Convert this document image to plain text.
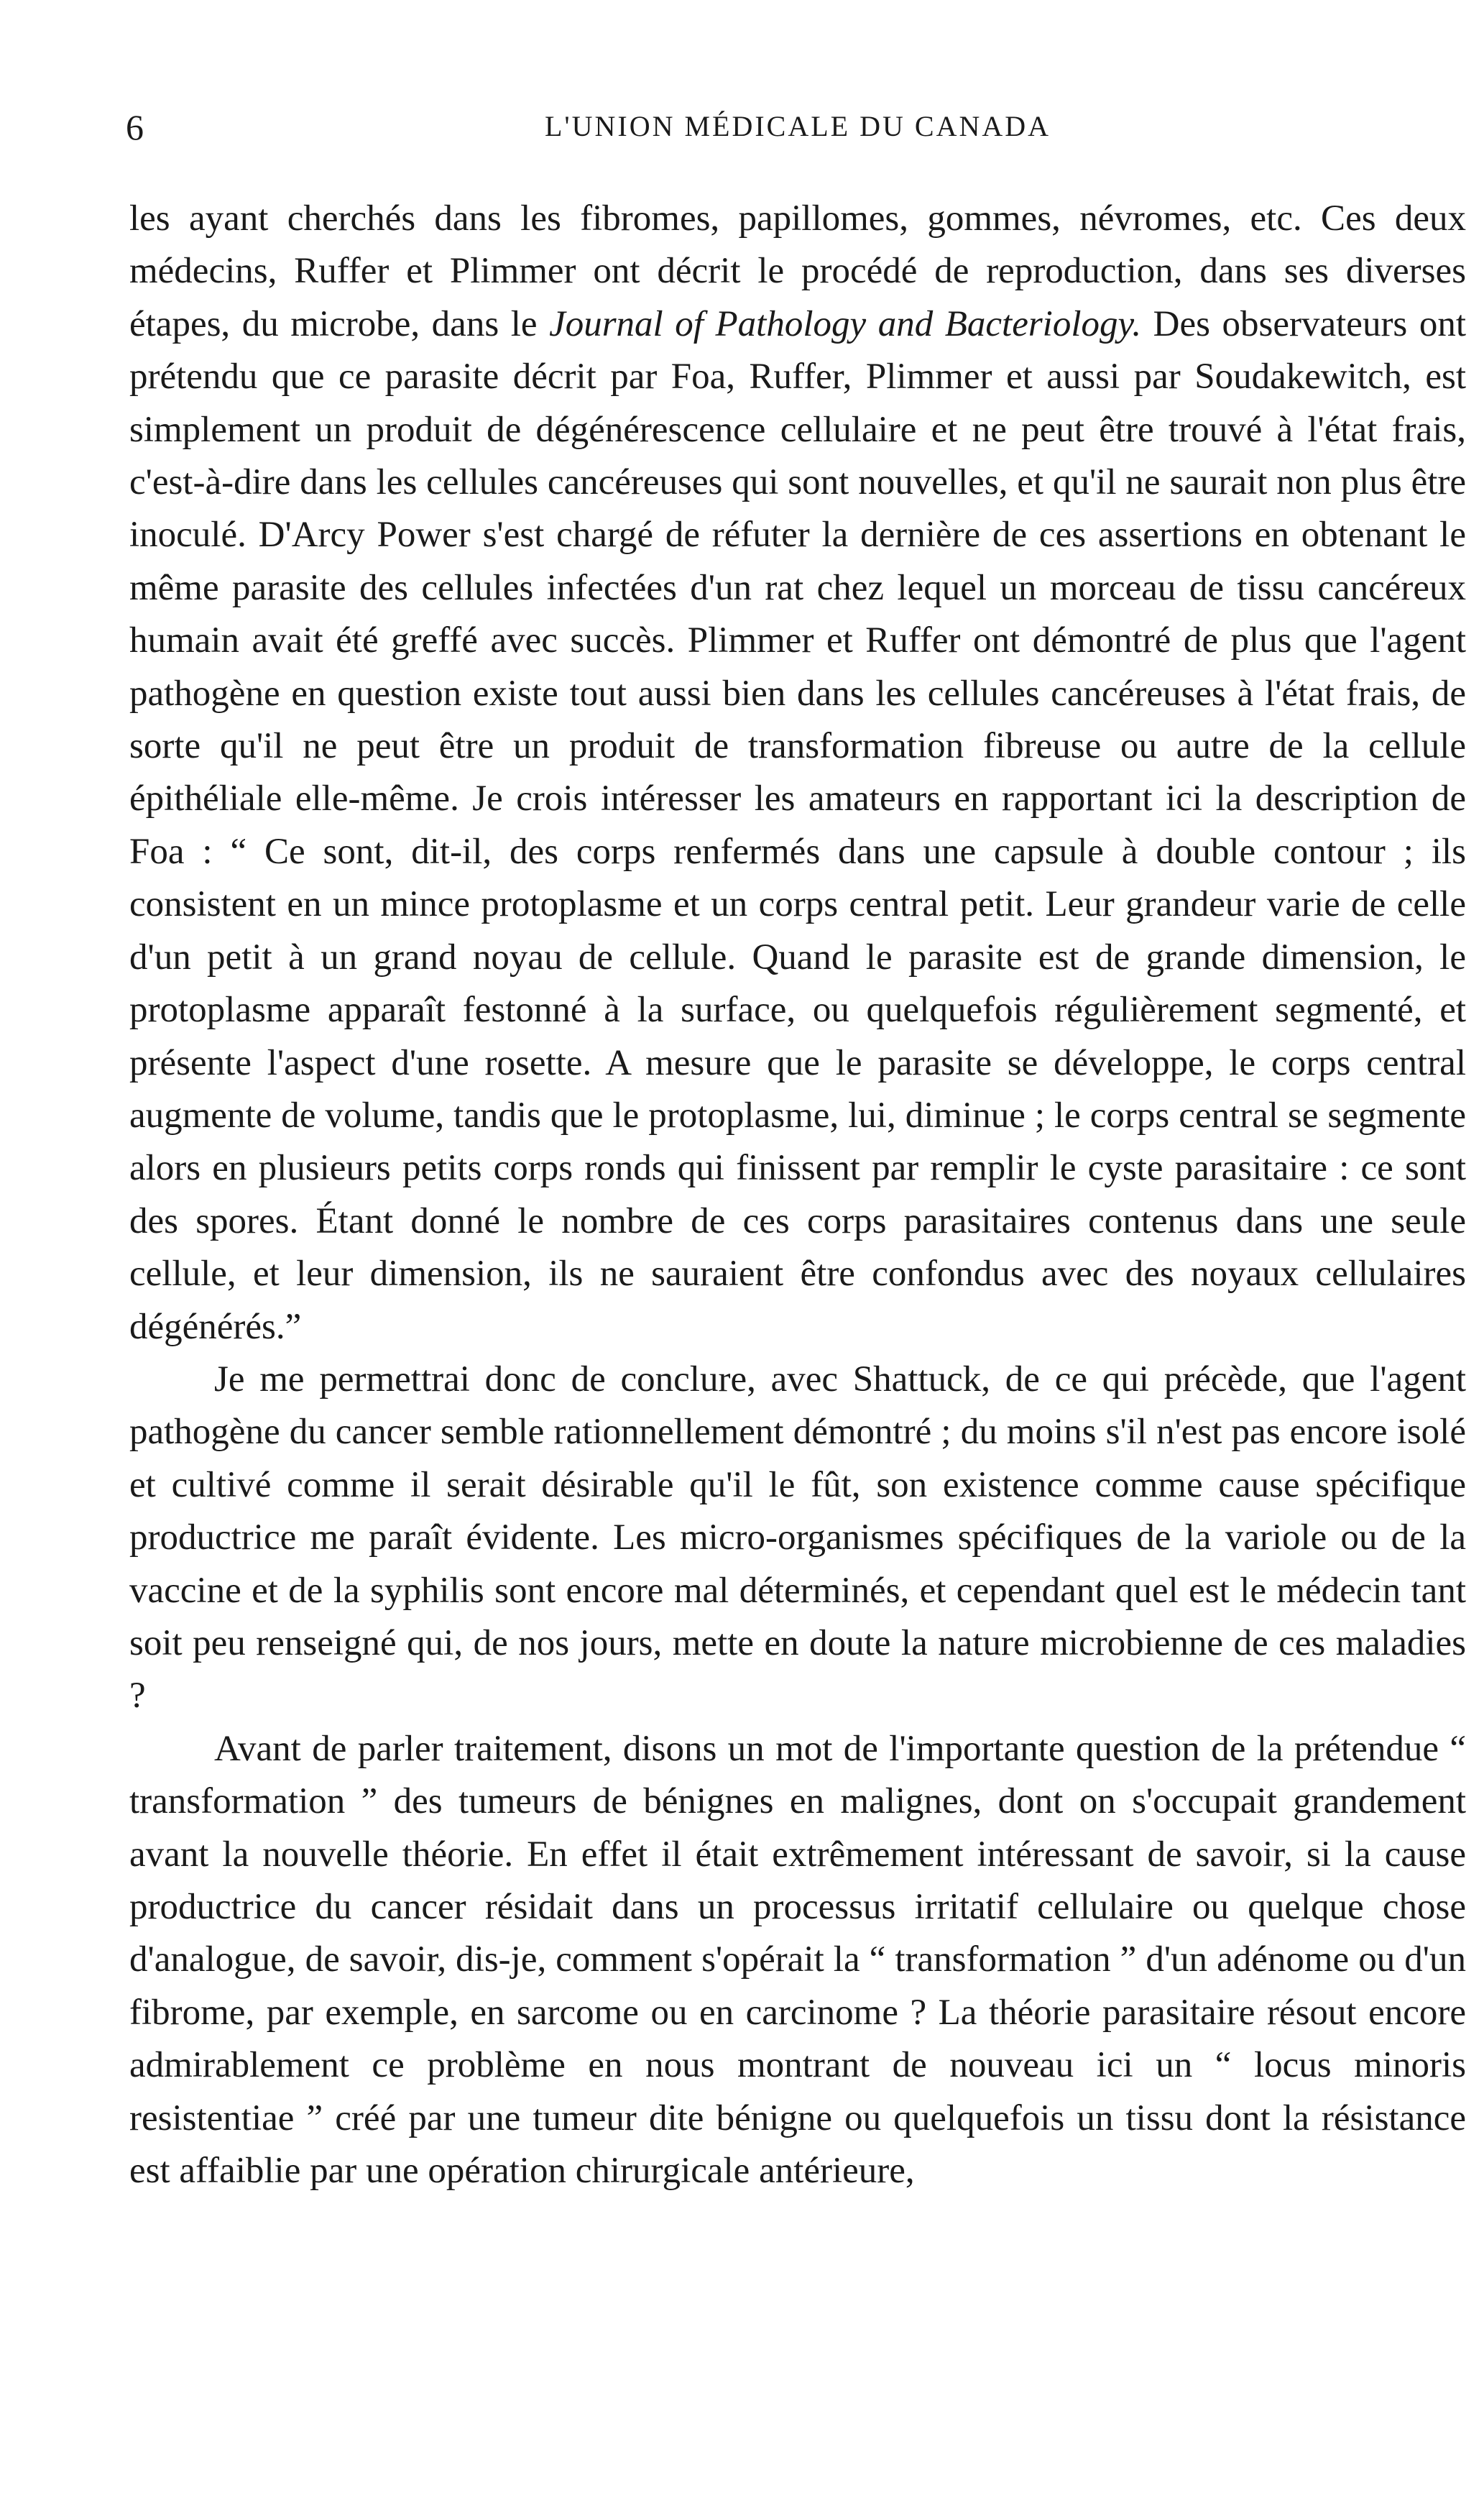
6	L'UNION MÉDICALE DU CANADA

les ayant cherchés dans les fibromes, papillomes, gommes, névromes, etc. Ces deux médecins, Ruffer et Plimmer ont décrit le procédé de reproduction, dans ses diverses étapes, du microbe, dans le Journal of Pathology and Bacteriology. Des observateurs ont prétendu que ce parasite décrit par Foa, Ruffer, Plimmer et aussi par Soudakewitch, est simplement un produit de dégénérescence cellulaire et ne peut être trouvé à l'état frais, c'est-à-dire dans les cellules cancéreuses qui sont nouvelles, et qu'il ne saurait non plus être inoculé. D'Arcy Power s'est chargé de réfuter la dernière de ces assertions en obtenant le même parasite des cellules infectées d'un rat chez lequel un morceau de tissu cancéreux humain avait été greffé avec succès. Plimmer et Ruffer ont démontré de plus que l'agent pathogène en question existe tout aussi bien dans les cellules cancéreuses à l'état frais, de sorte qu'il ne peut être un produit de transformation fibreuse ou autre de la cellule épithéliale elle-même. Je crois intéresser les amateurs en rapportant ici la description de Foa : “ Ce sont, dit-il, des corps renfermés dans une capsule à double contour ; ils consistent en un mince protoplasme et un corps central petit. Leur grandeur varie de celle d'un petit à un grand noyau de cellule. Quand le parasite est de grande dimension, le protoplasme apparaît festonné à la surface, ou quelquefois régulièrement segmenté, et présente l'aspect d'une rosette. A mesure que le parasite se développe, le corps central augmente de volume, tandis que le protoplasme, lui, diminue ; le corps central se segmente alors en plusieurs petits corps ronds qui finissent par remplir le cyste parasitaire : ce sont des spores. Étant donné le nombre de ces corps parasitaires contenus dans une seule cellule, et leur dimension, ils ne sauraient être confondus avec des noyaux cellulaires dégénérés.”

Je me permettrai donc de conclure, avec Shattuck, de ce qui précède, que l'agent pathogène du cancer semble rationnellement démontré ; du moins s'il n'est pas encore isolé et cultivé comme il serait désirable qu'il le fût, son existence comme cause spécifique productrice me paraît évidente. Les micro-organismes spécifiques de la variole ou de la vaccine et de la syphilis sont encore mal déterminés, et cependant quel est le médecin tant soit peu renseigné qui, de nos jours, mette en doute la nature microbienne de ces maladies ?

Avant de parler traitement, disons un mot de l'importante question de la prétendue “ transformation ” des tumeurs de bénignes en malignes, dont on s'occupait grandement avant la nouvelle théorie. En effet il était extrêmement intéressant de savoir, si la cause productrice du cancer résidait dans un processus irritatif cellulaire ou quelque chose d'analogue, de savoir, dis-je, comment s'opérait la “ transformation ” d'un adénome ou d'un fibrome, par exemple, en sarcome ou en carcinome ? La théorie parasitaire résout encore admirablement ce problème en nous montrant de nouveau ici un “ locus minoris resistentiae ” créé par une tumeur dite bénigne ou quelquefois un tissu dont la résistance est affaiblie par une opération chirurgicale antérieure,
